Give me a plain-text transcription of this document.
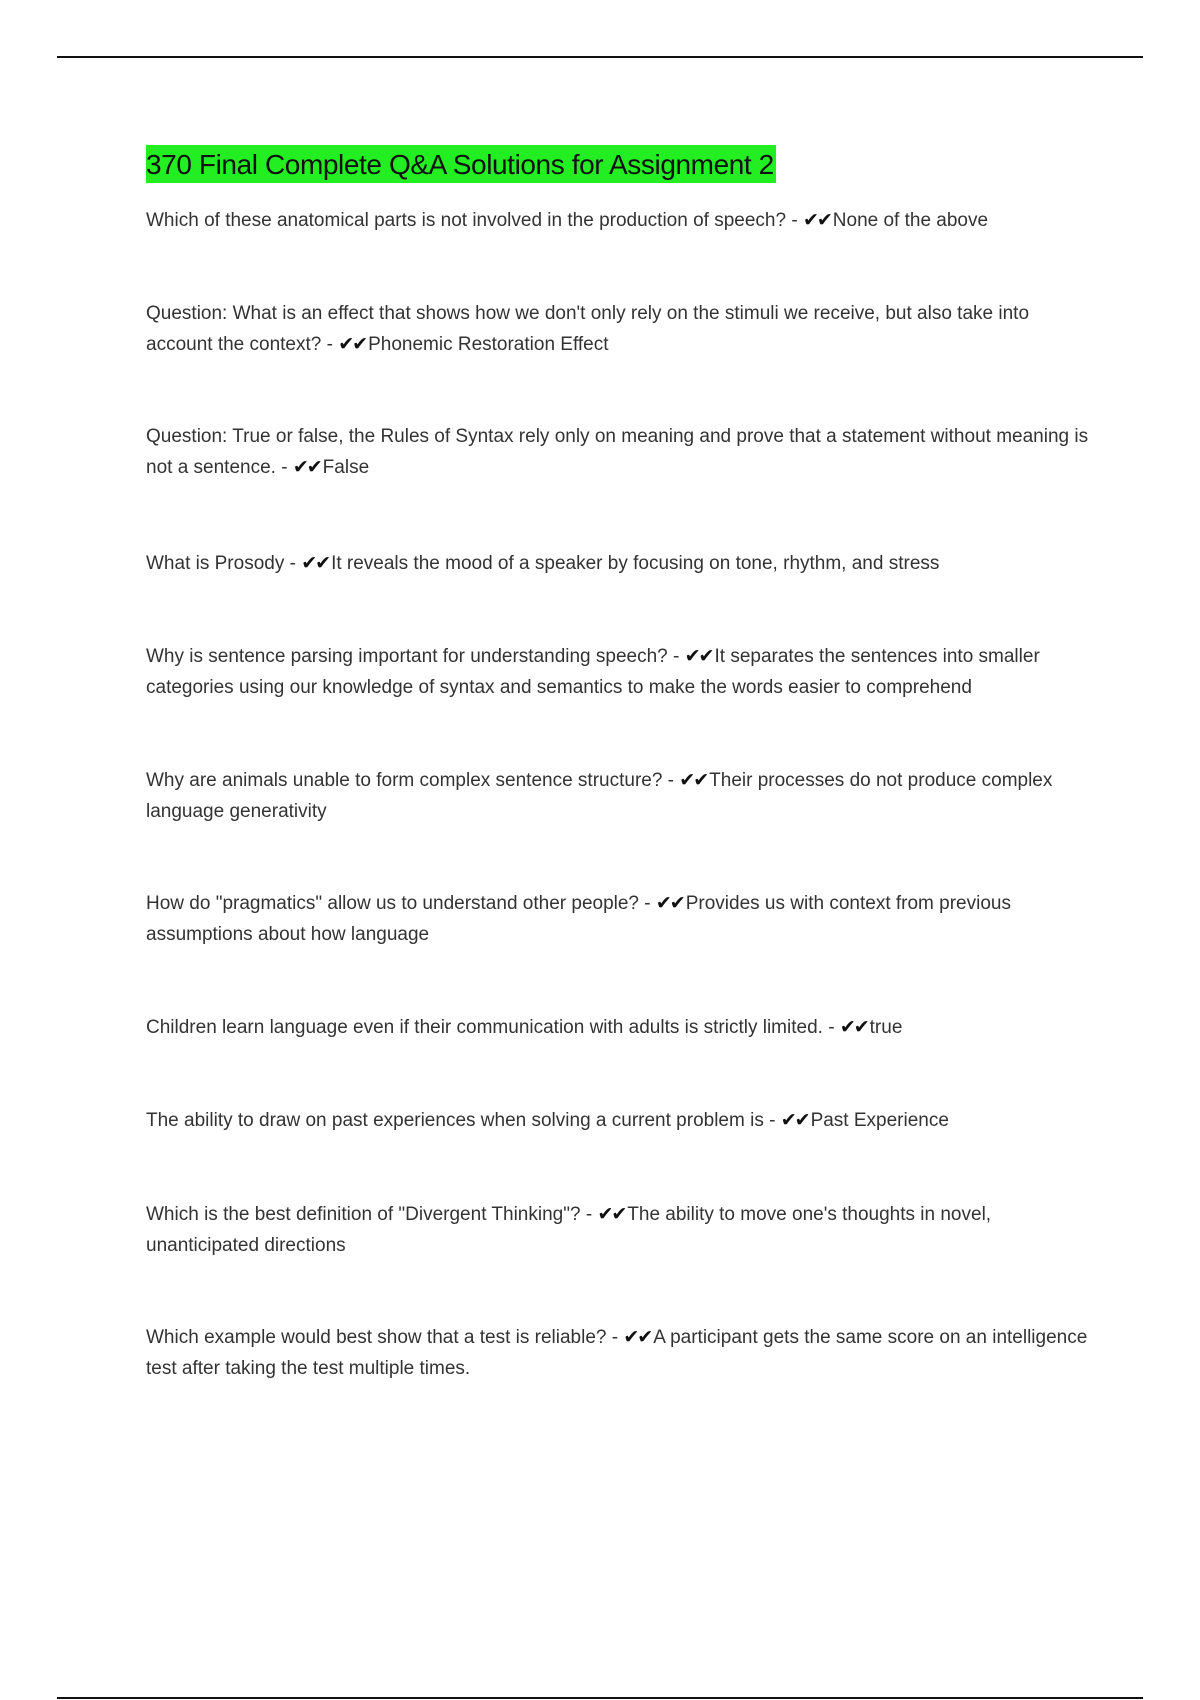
370 Final Complete Q&A Solutions for Assignment 2
Which of these anatomical parts is not involved in the production of speech? - ✔✔ None of the above
Question: What is an effect that shows how we don't only rely on the stimuli we receive, but also take into account the context? - ✔✔ Phonemic Restoration Effect
Question: True or false, the Rules of Syntax rely only on meaning and prove that a statement without meaning is not a sentence. - ✔✔ False
What is Prosody - ✔✔ It reveals the mood of a speaker by focusing on tone, rhythm, and stress
Why is sentence parsing important for understanding speech? - ✔✔ It separates the sentences into smaller categories using our knowledge of syntax and semantics to make the words easier to comprehend
Why are animals unable to form complex sentence structure? - ✔✔ Their processes do not produce complex language generativity
How do "pragmatics" allow us to understand other people? - ✔✔ Provides us with context from previous assumptions about how language
Children learn language even if their communication with adults is strictly limited. - ✔✔ true
The ability to draw on past experiences when solving a current problem is - ✔✔ Past Experience
Which is the best definition of "Divergent Thinking"? - ✔✔ The ability to move one's thoughts in novel, unanticipated directions
Which example would best show that a test is reliable? - ✔✔ A participant gets the same score on an intelligence test after taking the test multiple times.
